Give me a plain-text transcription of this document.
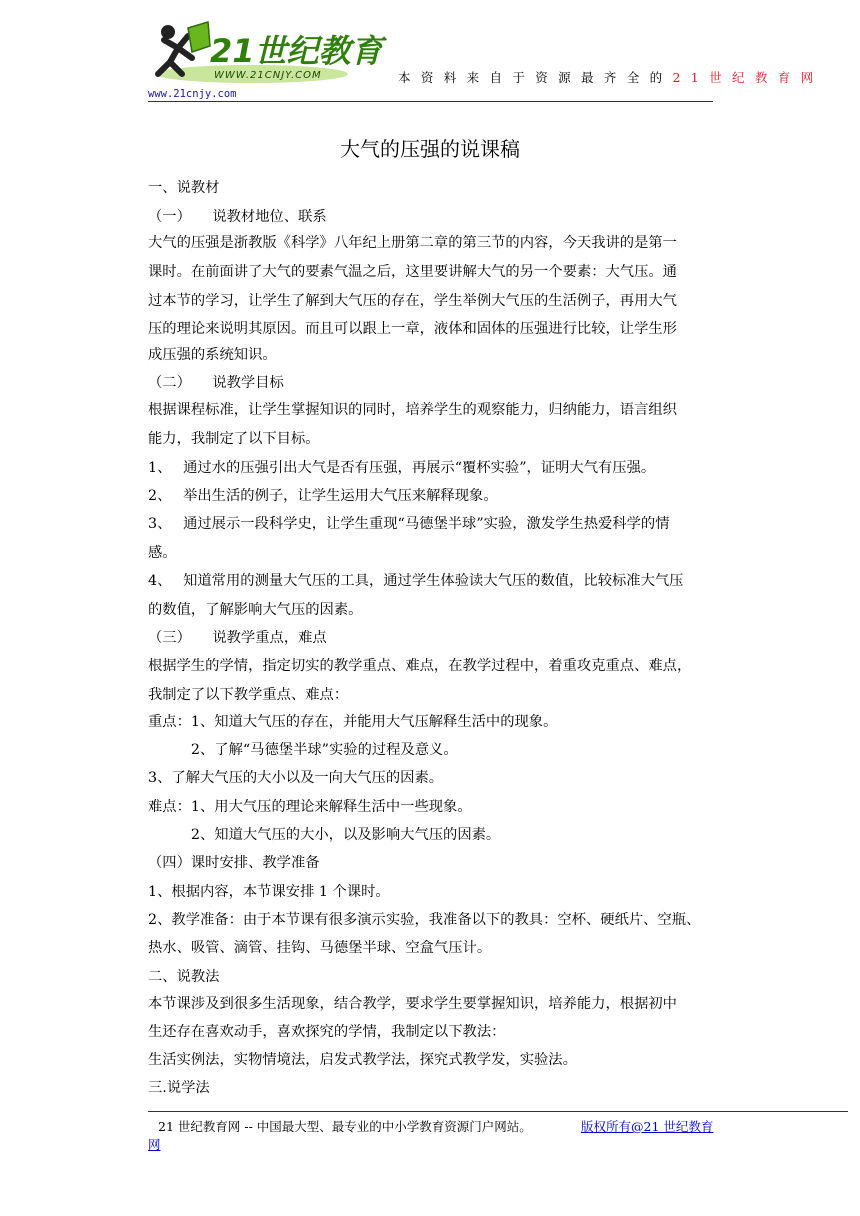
21世纪教育
WWW.21CNJY.COM	本 资 料 来 自 于 资 源 最 齐 全 的 2 1 世 纪 教 育 网
www.21cnjy.com
大气的压强的说课稿
一、说教材
（一）　　说教材地位、联系
大气的压强是浙教版《科学》八年纪上册第二章的第三节的内容，今天我讲的是第一
课时。在前面讲了大气的要素气温之后，这里要讲解大气的另一个要素：大气压。通
过本节的学习，让学生了解到大气压的存在，学生举例大气压的生活例子，再用大气
压的理论来说明其原因。而且可以跟上一章，液体和固体的压强进行比较，让学生形
成压强的系统知识。
（二）　　说教学目标
根据课程标准，让学生掌握知识的同时，培养学生的观察能力，归纳能力，语言组织
能力，我制定了以下目标。
1、　 通过水的压强引出大气是否有压强，再展示“覆杯实验”，证明大气有压强。
2、　 举出生活的例子，让学生运用大气压来解释现象。
3、　 通过展示一段科学史，让学生重现“马德堡半球”实验，激发学生热爱科学的情
感。
4、　 知道常用的测量大气压的工具，通过学生体验读大气压的数值，比较标准大气压
的数值，了解影响大气压的因素。
（三）　　说教学重点，难点
根据学生的学情，指定切实的教学重点、难点，在教学过程中，着重攻克重点、难点，
我制定了以下教学重点、难点：
重点：1、知道大气压的存在，并能用大气压解释生活中的现象。
　　　2、了解“马德堡半球”实验的过程及意义。
3、了解大气压的大小以及一向大气压的因素。
难点：1、用大气压的理论来解释生活中一些现象。
　　　2、知道大气压的大小，以及影响大气压的因素。
（四）课时安排、教学准备
1、根据内容，本节课安排 1 个课时。
2、教学准备：由于本节课有很多演示实验，我准备以下的教具：空杯、硬纸片、空瓶、
热水、吸管、滴管、挂钩、马德堡半球、空盒气压计。
二、说教法
本节课涉及到很多生活现象，结合教学，要求学生要掌握知识，培养能力，根据初中
生还存在喜欢动手，喜欢探究的学情，我制定以下教法：
生活实例法，实物情境法，启发式教学法，探究式教学发，实验法。
三.说学法
21 世纪教育网 -- 中国最大型、最专业的中小学教育资源门户网站。	版权所有@21 世纪教育
网
